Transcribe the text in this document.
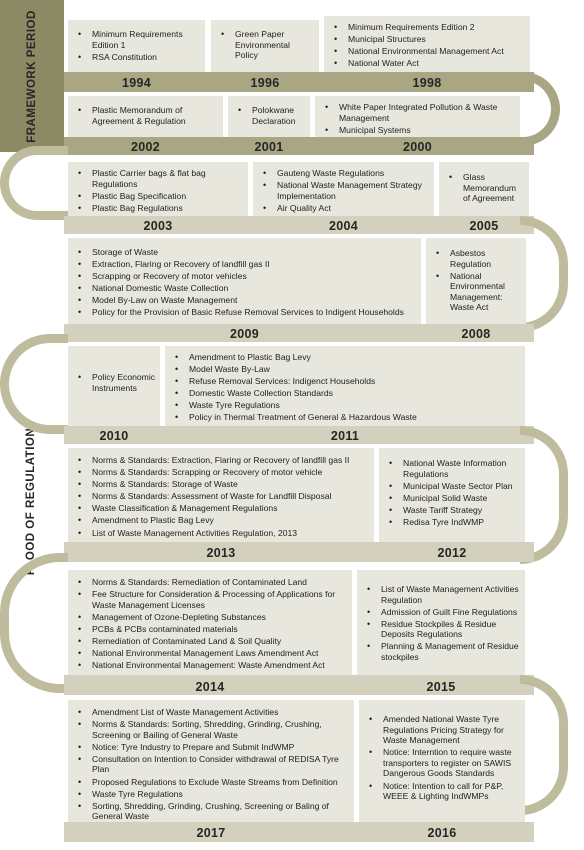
FRAMEWORK PERIOD
FLOOD OF REGULATION
• Minimum Requirements Edition 1
• RSA Constitution
1994
• Green Paper Environmental Policy
1996
• Minimum Requirements Edition 2
• Municipal Structures
• National Environmental Management Act
• National Water Act
1998
• Plastic Memorandum of Agreement & Regulation
2002
• Polokwane Declaration
2001
• White Paper Integrated Pollution & Waste Management
• Municipal Systems
2000
• Plastic Carrier bags & flat bag Regulations
• Plastic Bag Specification
• Plastic Bag Regulations
2003
• Gauteng Waste Regulations
• National Waste Management Strategy Implementation
• Air Quality Act
2004
• Glass Memorandum of Agreement
2005
• Storage of Waste
• Extraction, Flaring or Recovery of landfill gas II
• Scrapping or Recovery of motor vehicles
• National Domestic Waste Collection
• Model By-Law on Waste Management
• Policy for the Provision of Basic Refuse Removal Services to Indigent Households
2009
• Asbestos Regulation
• National Environmental Management: Waste Act
2008
• Policy Economic Instruments
2010
• Amendment to Plastic Bag Levy
• Model Waste By-Law
• Refuse Removal Services: Indigenct Households
• Domestic Waste Collection Standards
• Waste Tyre Regulations
• Policy in Thermal Treatment of General & Hazardous Waste
2011
• Norms & Standards: Extraction, Flaring or Recovery of landfill gas II
• Norms & Standards: Scrapping or Recovery of motor vehicle
• Norms & Standards: Storage of Waste
• Norms & Standards: Assessment of Waste for Landfill Disposal
• Waste Classification & Management Regulations
• Amendment to Plastic Bag Levy
• List of Waste Management Activities Regulation, 2013
2013
• National Waste Information Regulations
• Municipal Waste Sector Plan
• Municipal Solid Waste
• Waste Tariff Strategy
• Redisa Tyre IndWMP
2012
• Norms & Standards: Remediation of Contaminated Land
• Fee Structure for Consideration & Processing of Applications for Waste Management Licenses
• Management of Ozone-Depleting Substances
• PCBs & PCBs contaminated materials
• Remediation of Contaminated Land & Soil Quality
• National Environmental Management Laws Amendment Act
• National Environmental Management: Waste Amendment Act
2014
• List of Waste Management Activities Regulation
• Admission of Guilt Fine Regulations
• Residue Stockpiles & Residue Deposits Regulations
• Planning & Management of Residue stockpiles
2015
• Amendment List of Waste Management Activities
• Norms & Standards: Sorting, Shredding, Grinding, Crushing, Screening or Bailing of General Waste
• Notice: Tyre Industry to Prepare and Submit IndWMP
• Consultation on Intention to Consider withdrawal of REDISA Tyre Plan
• Proposed Regulations to Exclude Waste Streams from Definition
• Waste Tyre Regulations
• Sorting, Shredding, Grinding, Crushing, Screening or Baling of General Waste
2017
• Amended National Waste Tyre Regulations Pricing Strategy for Waste Management
• Notice: Interntion to require waste transporters to register on SAWIS Dangerous Goods Standards
• Notice: Intention to call for P&P, WEEE & Lighting IndWMPs
2016
